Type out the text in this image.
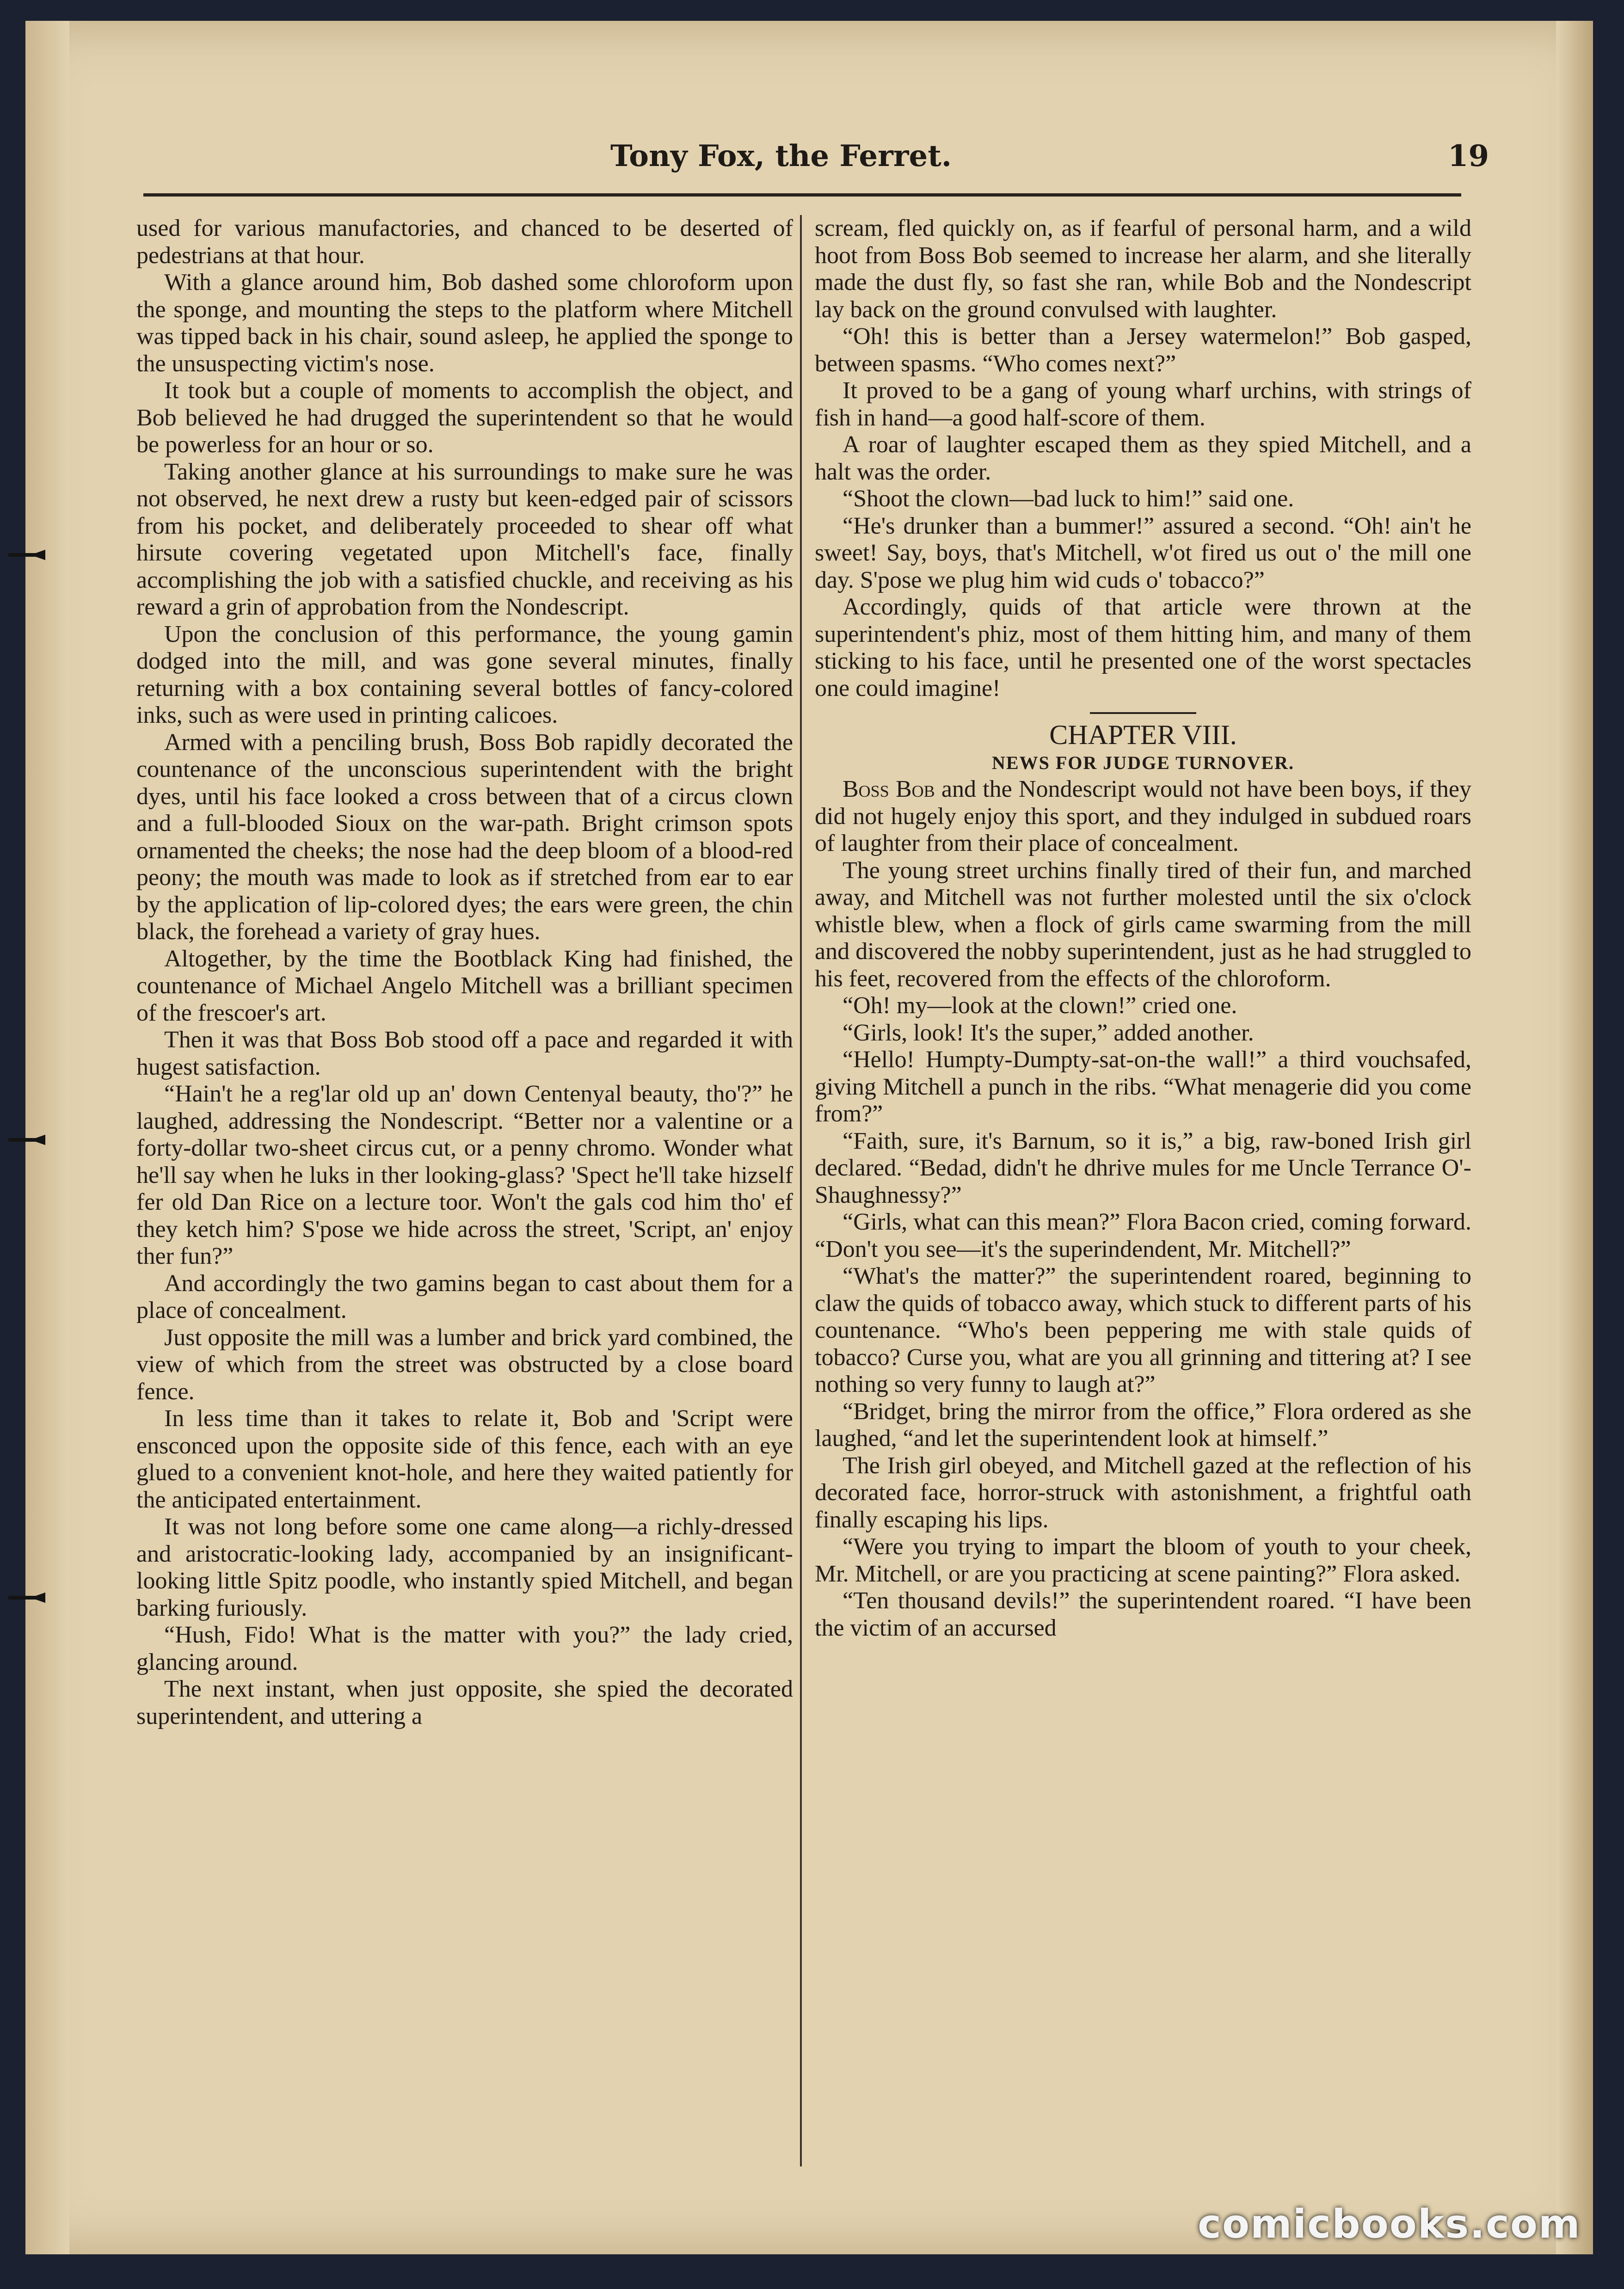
Tony Fox, the Ferret.	19

used for various manufactories, and chanced to be deserted of pedestrians at that hour.

With a glance around him, Bob dashed some chloroform upon the sponge, and mounting the steps to the platform where Mitchell was tipped back in his chair, sound asleep, he applied the sponge to the unsuspecting victim's nose.

It took but a couple of moments to accomplish the object, and Bob believed he had drugged the superintendent so that he would be powerless for an hour or so.

Taking another glance at his surroundings to make sure he was not observed, he next drew a rusty but keen-edged pair of scissors from his pocket, and deliberately proceeded to shear off what hirsute covering vegetated upon Mitchell's face, finally accomplishing the job with a satisfied chuckle, and receiving as his reward a grin of approbation from the Nondescript.

Upon the conclusion of this performance, the young gamin dodged into the mill, and was gone several minutes, finally returning with a box containing several bottles of fancy-colored inks, such as were used in printing calicoes.

Armed with a penciling brush, Boss Bob rapidly decorated the countenance of the unconscious superintendent with the bright dyes, until his face looked a cross between that of a circus clown and a full-blooded Sioux on the war-path. Bright crimson spots ornamented the cheeks; the nose had the deep bloom of a blood-red peony; the mouth was made to look as if stretched from ear to ear by the application of lip-colored dyes; the ears were green, the chin black, the forehead a variety of gray hues.

Altogether, by the time the Bootblack King had finished, the countenance of Michael Angelo Mitchell was a brilliant specimen of the frescoer's art.

Then it was that Boss Bob stood off a pace and regarded it with hugest satisfaction.

“Hain't he a reg'lar old up an' down Centenyal beauty, tho'?” he laughed, addressing the Nondescript. “Better nor a valentine or a forty-dollar two-sheet circus cut, or a penny chromo. Wonder what he'll say when he luks in ther looking-glass? 'Spect he'll take hizself fer old Dan Rice on a lecture toor. Won't the gals cod him tho' ef they ketch him? S'pose we hide across the street, 'Script, an' enjoy ther fun?”

And accordingly the two gamins began to cast about them for a place of concealment.

Just opposite the mill was a lumber and brick yard combined, the view of which from the street was obstructed by a close board fence.

In less time than it takes to relate it, Bob and 'Script were ensconced upon the opposite side of this fence, each with an eye glued to a convenient knot-hole, and here they waited patiently for the anticipated entertainment.

It was not long before some one came along—a richly-dressed and aristocratic-looking lady, accompanied by an insignificant-looking little Spitz poodle, who instantly spied Mitchell, and began barking furiously.

“Hush, Fido! What is the matter with you?” the lady cried, glancing around.

The next instant, when just opposite, she spied the decorated superintendent, and uttering a

scream, fled quickly on, as if fearful of personal harm, and a wild hoot from Boss Bob seemed to increase her alarm, and she literally made the dust fly, so fast she ran, while Bob and the Nondescript lay back on the ground convulsed with laughter.

“Oh! this is better than a Jersey watermelon!” Bob gasped, between spasms. “Who comes next?”

It proved to be a gang of young wharf urchins, with strings of fish in hand—a good half-score of them.

A roar of laughter escaped them as they spied Mitchell, and a halt was the order.

“Shoot the clown—bad luck to him!” said one.

“He's drunker than a bummer!” assured a second. “Oh! ain't he sweet! Say, boys, that's Mitchell, w'ot fired us out o' the mill one day. S'pose we plug him wid cuds o' tobacco?”

Accordingly, quids of that article were thrown at the superintendent's phiz, most of them hitting him, and many of them sticking to his face, until he presented one of the worst spectacles one could imagine!

CHAPTER VIII.

NEWS FOR JUDGE TURNOVER.

Boss Bob and the Nondescript would not have been boys, if they did not hugely enjoy this sport, and they indulged in subdued roars of laughter from their place of concealment.

The young street urchins finally tired of their fun, and marched away, and Mitchell was not further molested until the six o'clock whistle blew, when a flock of girls came swarming from the mill and discovered the nobby superintendent, just as he had struggled to his feet, recovered from the effects of the chloroform.

“Oh! my—look at the clown!” cried one.

“Girls, look! It's the super,” added another.

“Hello! Humpty-Dumpty-sat-on-the wall!” a third vouchsafed, giving Mitchell a punch in the ribs. “What menagerie did you come from?”

“Faith, sure, it's Barnum, so it is,” a big, raw-boned Irish girl declared. “Bedad, didn't he dhrive mules for me Uncle Terrance O'-Shaughnessy?”

“Girls, what can this mean?” Flora Bacon cried, coming forward. “Don't you see—it's the superindendent, Mr. Mitchell?”

“What's the matter?” the superintendent roared, beginning to claw the quids of tobacco away, which stuck to different parts of his countenance. “Who's been peppering me with stale quids of tobacco? Curse you, what are you all grinning and tittering at? I see nothing so very funny to laugh at?”

“Bridget, bring the mirror from the office,” Flora ordered as she laughed, “and let the superintendent look at himself.”

The Irish girl obeyed, and Mitchell gazed at the reflection of his decorated face, horror-struck with astonishment, a frightful oath finally escaping his lips.

“Were you trying to impart the bloom of youth to your cheek, Mr. Mitchell, or are you practicing at scene painting?” Flora asked.

“Ten thousand devils!” the superintendent roared. “I have been the victim of an accursed

comicbooks.com
